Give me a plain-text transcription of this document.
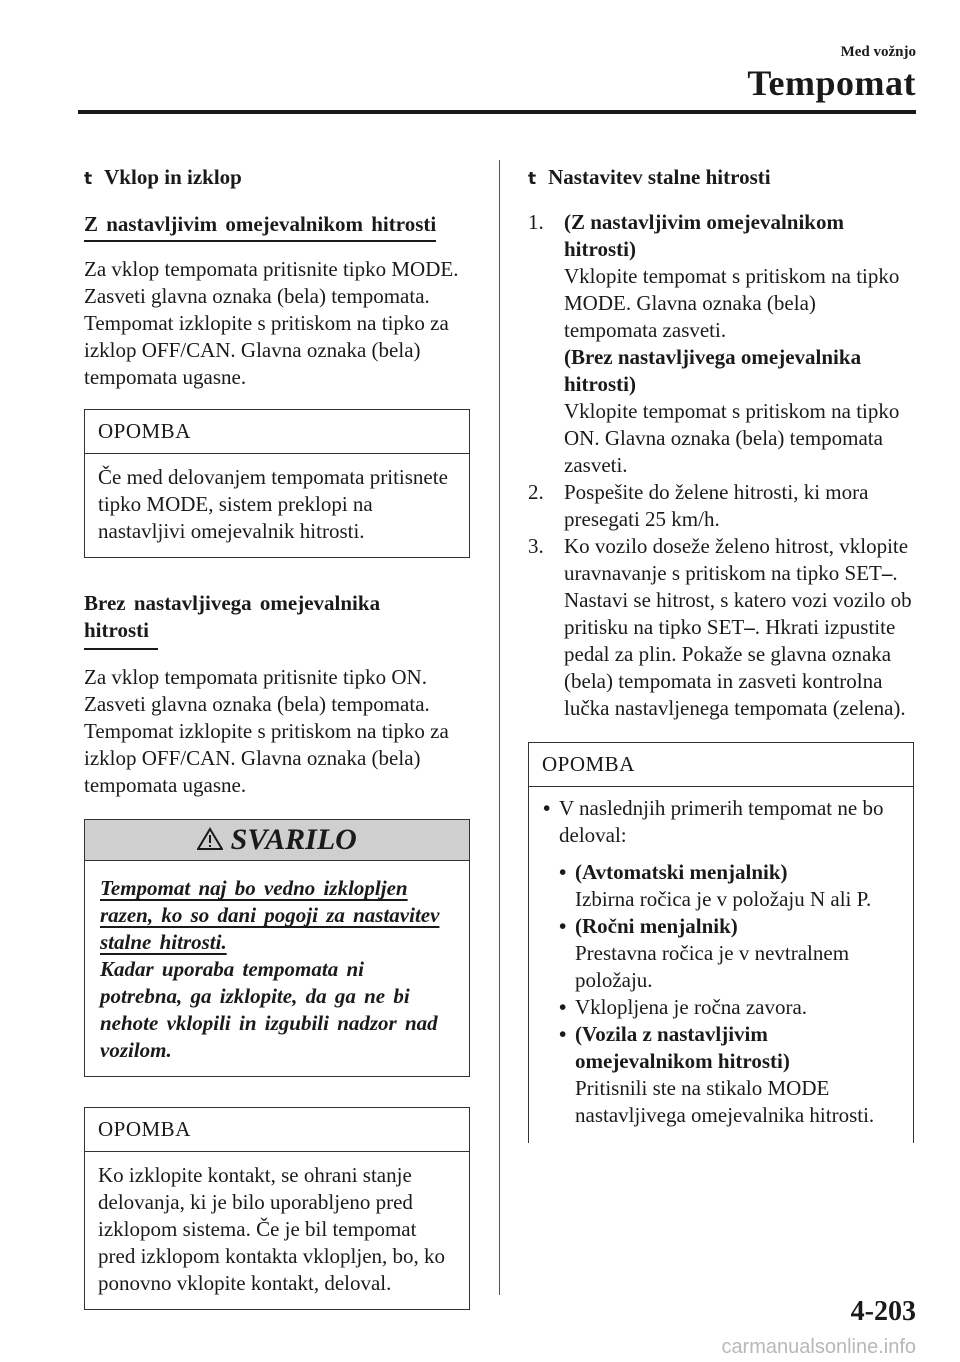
Med vožnjo
Tempomat
t Vklop in izklop
Z nastavljivim omejevalnikom hitrosti

Za vklop tempomata pritisnite tipko MODE. Zasveti glavna oznaka (bela) tempomata. Tempomat izklopite s pritiskom na tipko za izklop OFF/CAN. Glavna oznaka (bela) tempomata ugasne.

OPOMBA
Če med delovanjem tempomata pritisnete tipko MODE, sistem preklopi na nastavljivi omejevalnik hitrosti.
Brez nastavljivega omejevalnika hitrosti

Za vklop tempomata pritisnite tipko ON. Zasveti glavna oznaka (bela) tempomata. Tempomat izklopite s pritiskom na tipko za izklop OFF/CAN. Glavna oznaka (bela) tempomata ugasne.

SVARILO
Tempomat naj bo vedno izklopljen razen, ko so dani pogoji za nastavitev stalne hitrosti.
Kadar uporaba tempomata ni potrebna, ga izklopite, da ga ne bi nehote vklopili in izgubili nadzor nad vozilom.
OPOMBA
Ko izklopite kontakt, se ohrani stanje delovanja, ki je bilo uporabljeno pred izklopom sistema. Če je bil tempomat pred izklopom kontakta vklopljen, bo, ko ponovno vklopite kontakt, deloval.
t Nastavitev stalne hitrosti
1. (Z nastavljivim omejevalnikom hitrosti)
Vklopite tempomat s pritiskom na tipko MODE. Glavna oznaka (bela) tempomata zasveti.
(Brez nastavljivega omejevalnika hitrosti)
Vklopite tempomat s pritiskom na tipko ON. Glavna oznaka (bela) tempomata zasveti.
2. Pospešite do želene hitrosti, ki mora presegati 25 km/h.
3. Ko vozilo doseže želeno hitrost, vklopite uravnavanje s pritiskom na tipko SET–. Nastavi se hitrost, s katero vozi vozilo ob pritisku na tipko SET–. Hkrati izpustite pedal za plin. Pokaže se glavna oznaka (bela) tempomata in zasveti kontrolna lučka nastavljenega tempomata (zelena).
OPOMBA
• V naslednjih primerih tempomat ne bo deloval:
• (Avtomatski menjalnik)
Izbirna ročica je v položaju N ali P.
• (Ročni menjalnik)
Prestavna ročica je v nevtralnem položaju.
• Vklopljena je ročna zavora.
• (Vozila z nastavljivim omejevalnikom hitrosti)
Pritisnili ste na stikalo MODE nastavljivega omejevalnika hitrosti.
4-203
carmanualsonline.info
